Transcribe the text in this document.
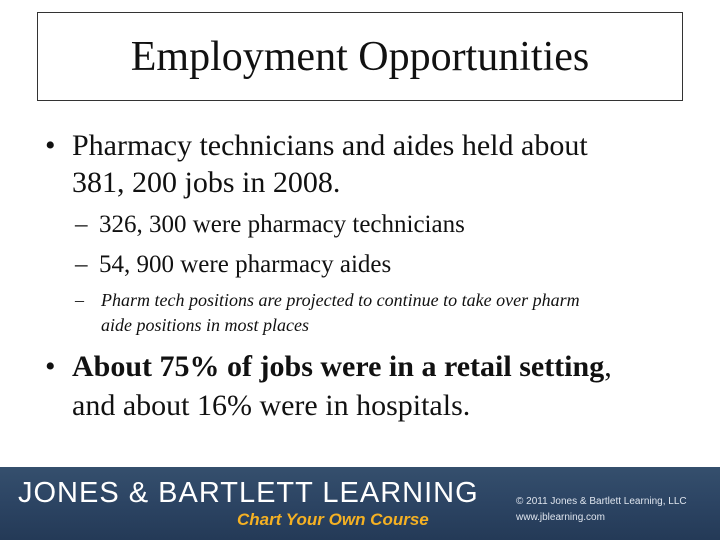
Employment Opportunities
• Pharmacy technicians and aides held about
381, 200 jobs in 2008.
– 326, 300 were pharmacy technicians
– 54, 900 were pharmacy aides
– Pharm tech positions are projected to continue to take over pharm
aide positions in most places
• About 75% of jobs were in a retail setting,
and about 16% were in hospitals.
JONES & BARTLETT LEARNING
Chart Your Own Course
© 2011 Jones & Bartlett Learning, LLC
www.jblearning.com
